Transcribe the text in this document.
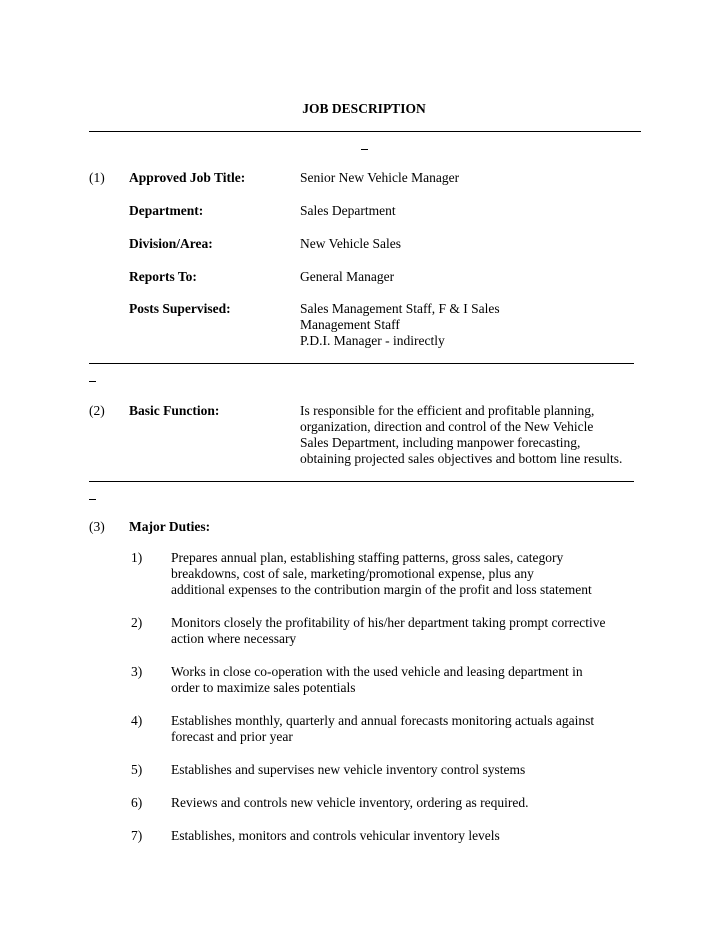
JOB DESCRIPTION
(1) Approved Job Title:	Senior New Vehicle Manager
Department:	Sales Department
Division/Area:	New Vehicle Sales
Reports To:	General Manager
Posts Supervised:	Sales Management Staff, F & I Sales
Management Staff
P.D.I. Manager - indirectly
(2) Basic Function:	Is responsible for the efficient and profitable planning,
organization, direction and control of the New Vehicle
Sales Department, including manpower forecasting,
obtaining projected sales objectives and bottom line results.
(3) Major Duties:
1) Prepares annual plan, establishing staffing patterns, gross sales, category
breakdowns, cost of sale, marketing/promotional expense, plus any
additional expenses to the contribution margin of the profit and loss statement
2) Monitors closely the profitability of his/her department taking prompt corrective
action where necessary
3) Works in close co-operation with the used vehicle and leasing department in
order to maximize sales potentials
4) Establishes monthly, quarterly and annual forecasts monitoring actuals against
forecast and prior year
5) Establishes and supervises new vehicle inventory control systems
6) Reviews and controls new vehicle inventory, ordering as required.
7) Establishes, monitors and controls vehicular inventory levels
